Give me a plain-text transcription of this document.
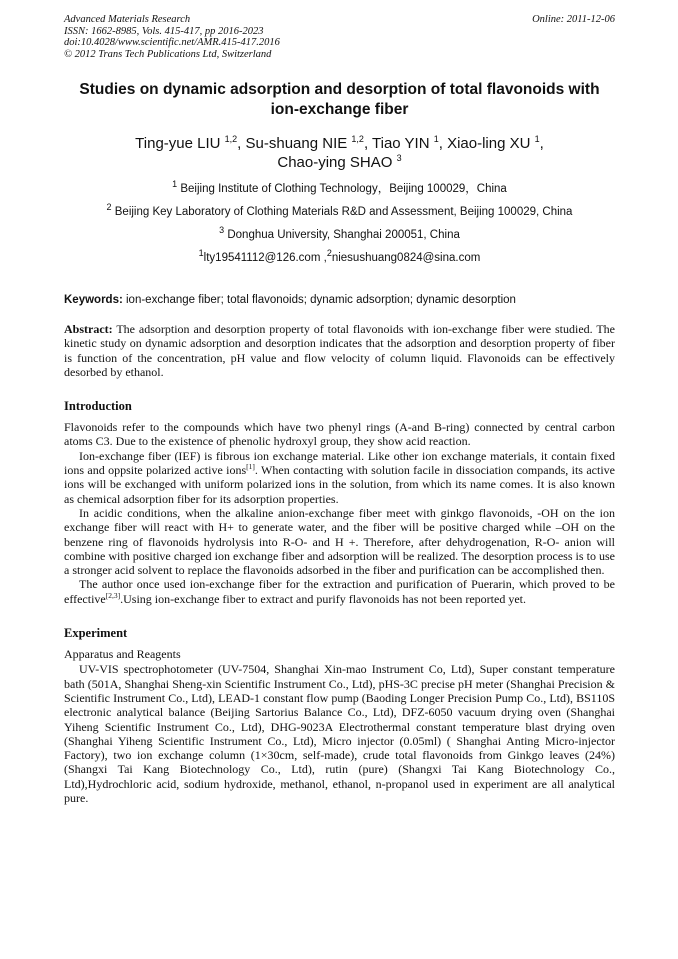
Advanced Materials Research
ISSN: 1662-8985, Vols. 415-417, pp 2016-2023
doi:10.4028/www.scientific.net/AMR.415-417.2016
© 2012 Trans Tech Publications Ltd, Switzerland
Online: 2011-12-06
Studies on dynamic adsorption and desorption of total flavonoids with ion-exchange fiber
Ting-yue LIU $^{1,2}$, Su-shuang NIE $^{1,2}$, Tiao YIN $^1$, Xiao-ling XU $^1$,
Chao-ying SHAO $^3$
$^1$ Beijing Institute of Clothing Technology，Beijing 100029，China
$^2$ Beijing Key Laboratory of Clothing Materials R&D and Assessment, Beijing 100029, China
$^3$ Donghua University, Shanghai 200051, China
$^1$lty19541112@126.com ,$^2$niesushuang0824@sina.com
Keywords: ion-exchange fiber; total flavonoids; dynamic adsorption; dynamic desorption
Abstract: The adsorption and desorption property of total flavonoids with ion-exchange fiber were studied. The kinetic study on dynamic adsorption and desorption indicates that the adsorption and desorption property of fiber is function of the concentration, pH value and flow velocity of column liquid. Flavonoids can be effectively desorbed by ethanol.
Introduction

Flavonoids refer to the compounds which have two phenyl rings (A-and B-ring) connected by central carbon atoms C3. Due to the existence of phenolic hydroxyl group, they show acid reaction.

Ion-exchange fiber (IEF) is fibrous ion exchange material. Like other ion exchange materials, it contain fixed ions and oppsite polarized active ions[1]. When contacting with solution facile in dissociation compands, its active ions will be exchanged with uniform polarized ions in the solution, from which its name comes. It is also known as chemical adsorption fiber for its adsorption properties.

In acidic conditions, when the alkaline anion-exchange fiber meet with ginkgo flavonoids, -OH on the ion exchange fiber will react with H+ to generate water, and the fiber will be positive charged while –OH on the benzene ring of flavonoids hydrolysis into R-O- and H +. Therefore, after dehydrogenation, R-O- anion will combine with positive charged ion exchange fiber and adsorption will be realized. The desorption process is to use a stronger acid solvent to replace the flavonoids adsorbed in the fiber and purification can be accomplished then.

The author once used ion-exchange fiber for the extraction and purification of Puerarin, which proved to be effective[2,3].Using ion-exchange fiber to extract and purify flavonoids has not been reported yet.

Experiment
Apparatus and Reagents

UV-VIS spectrophotometer (UV-7504, Shanghai Xin-mao Instrument Co, Ltd), Super constant temperature bath (501A, Shanghai Sheng-xin Scientific Instrument Co., Ltd), pHS-3C precise pH meter (Shanghai Precision & Scientific Instrument Co., Ltd), LEAD-1 constant flow pump (Baoding Longer Precision Pump Co., Ltd), BS110S electronic analytical balance (Beijing Sartorius Balance Co., Ltd), DFZ-6050 vacuum drying oven (Shanghai Yiheng Scientific Instrument Co., Ltd), DHG-9023A Electrothermal constant temperature blast drying oven (Shanghai Yiheng Scientific Instrument Co., Ltd), Micro injector (0.05ml) ( Shanghai Anting Micro-injector Factory), two ion exchange column (1×30cm, self-made), crude total flavonoids from Ginkgo leaves (24%) (Shangxi Tai Kang Biotechnology Co., Ltd), rutin (pure) (Shangxi Tai Kang Biotechnology Co., Ltd),Hydrochloric acid, sodium hydroxide, methanol, ethanol, n-propanol used in experiment are all analytical pure.
